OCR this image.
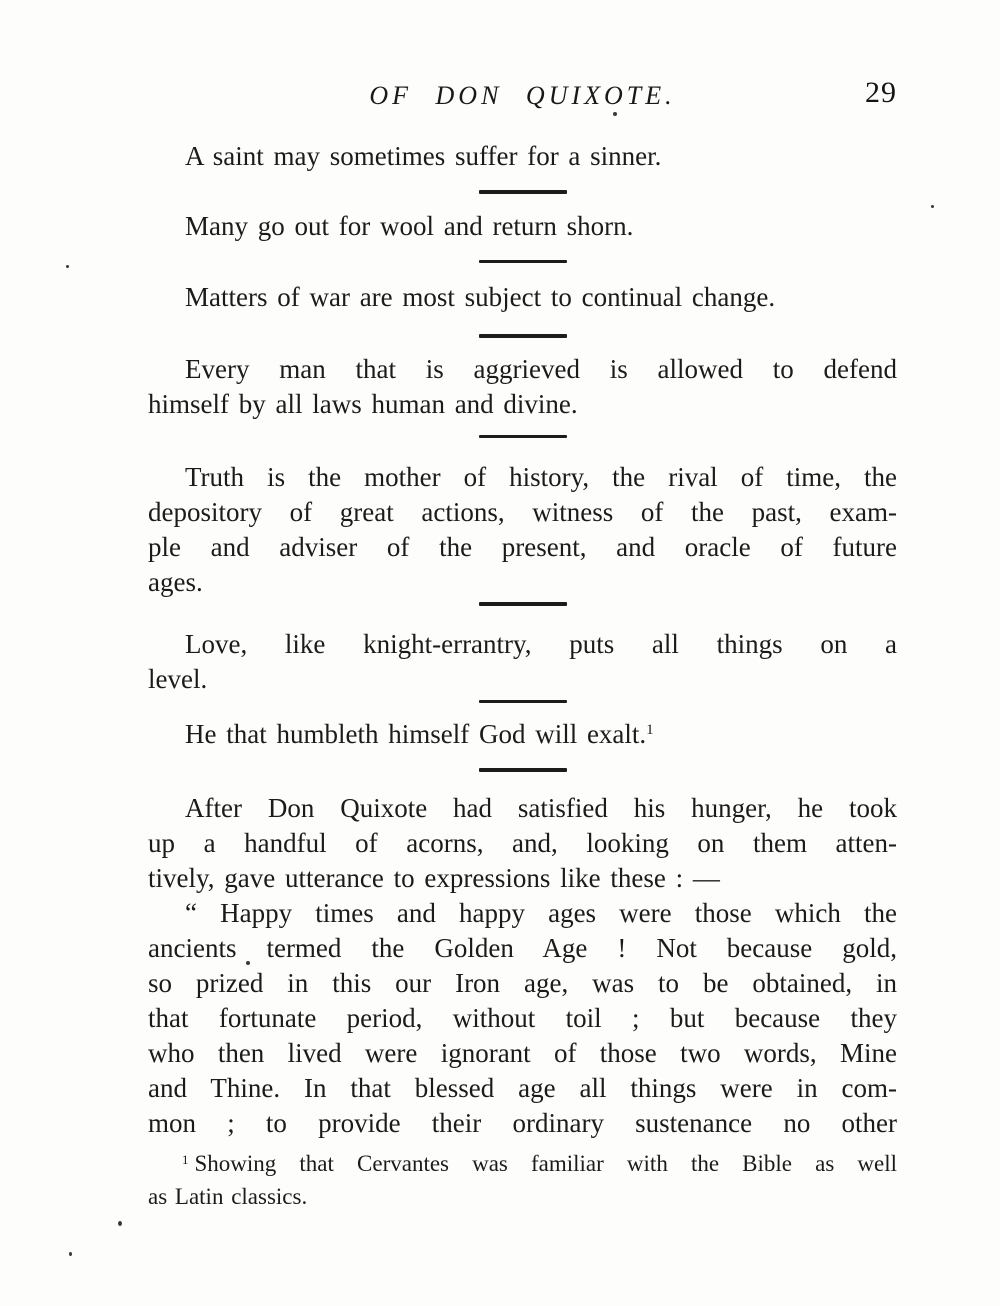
OF DON QUIXOTE.	29

A saint may sometimes suffer for a sinner.

Many go out for wool and return shorn.

Matters of war are most subject to continual change.

Every man that is aggrieved is allowed to defend
himself by all laws human and divine.

Truth is the mother of history, the rival of time, the
depository of great actions, witness of the past, exam-
ple and adviser of the present, and oracle of future
ages.

Love, like knight-errantry, puts all things on a
level.

He that humbleth himself God will exalt.$^1$

After Don Quixote had satisfied his hunger, he took
up a handful of acorns, and, looking on them atten-
tively, gave utterance to expressions like these : —

“ Happy times and happy ages were those which the
ancients termed the Golden Age ! Not because gold,
so prized in this our Iron age, was to be obtained, in
that fortunate period, without toil ; but because they
who then lived were ignorant of those two words, Mine
and Thine. In that blessed age all things were in com-
mon ; to provide their ordinary sustenance no other

$^1$ Showing that Cervantes was familiar with the Bible as well
as Latin classics.
